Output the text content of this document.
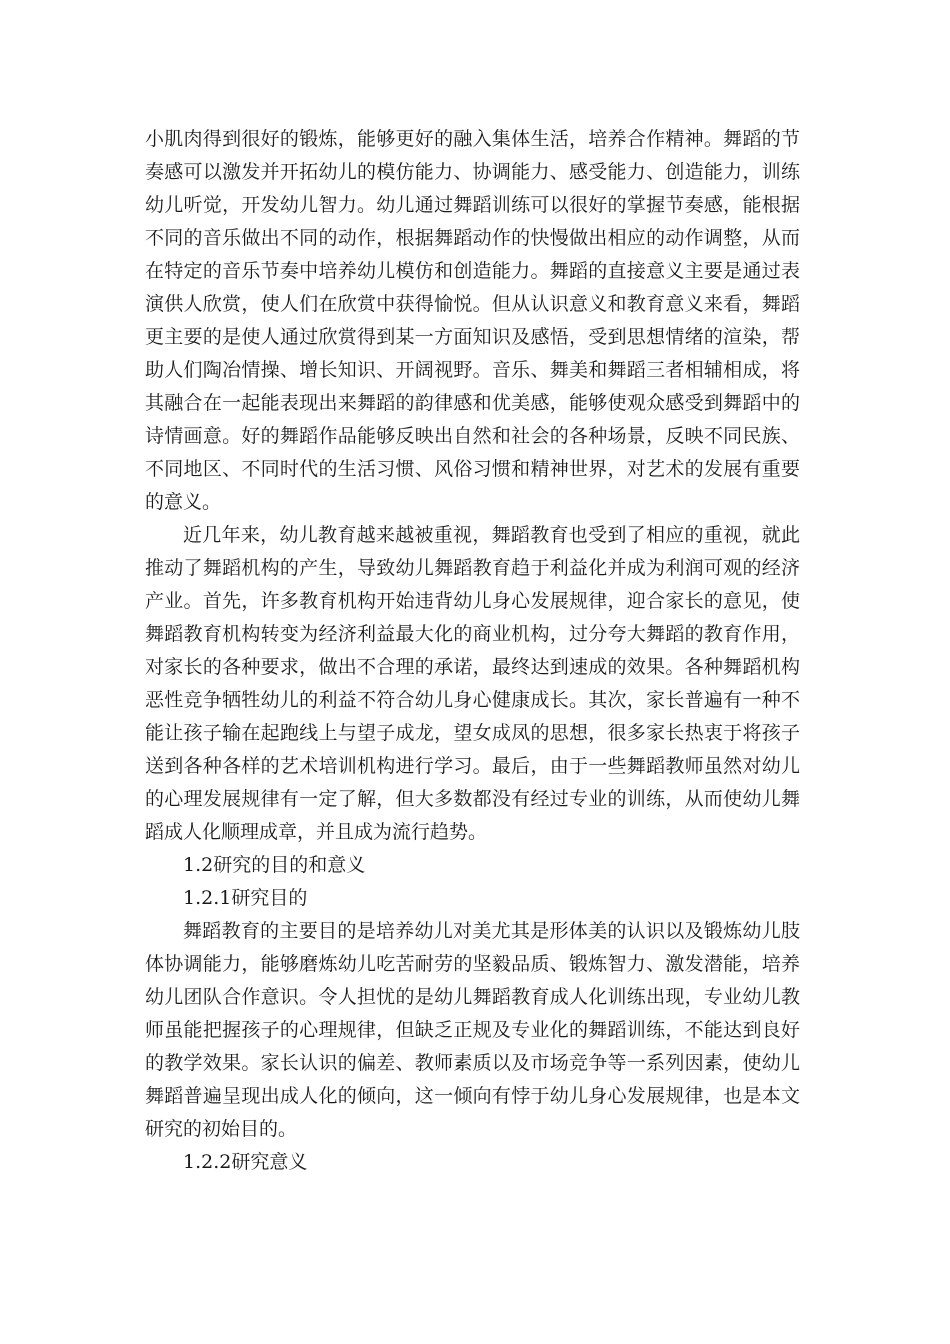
小肌肉得到很好的锻炼，能够更好的融入集体生活，培养合作精神。舞蹈的节奏感可以激发并开拓幼儿的模仿能力、协调能力、感受能力、创造能力，训练幼儿听觉，开发幼儿智力。幼儿通过舞蹈训练可以很好的掌握节奏感，能根据不同的音乐做出不同的动作，根据舞蹈动作的快慢做出相应的动作调整，从而在特定的音乐节奏中培养幼儿模仿和创造能力。舞蹈的直接意义主要是通过表演供人欣赏，使人们在欣赏中获得愉悦。但从认识意义和教育意义来看，舞蹈更主要的是使人通过欣赏得到某一方面知识及感悟，受到思想情绪的渲染，帮助人们陶冶情操、增长知识、开阔视野。音乐、舞美和舞蹈三者相辅相成，将其融合在一起能表现出来舞蹈的韵律感和优美感，能够使观众感受到舞蹈中的诗情画意。好的舞蹈作品能够反映出自然和社会的各种场景，反映不同民族、不同地区、不同时代的生活习惯、风俗习惯和精神世界，对艺术的发展有重要的意义。

近几年来，幼儿教育越来越被重视，舞蹈教育也受到了相应的重视，就此推动了舞蹈机构的产生，导致幼儿舞蹈教育趋于利益化并成为利润可观的经济产业。首先，许多教育机构开始违背幼儿身心发展规律，迎合家长的意见，使舞蹈教育机构转变为经济利益最大化的商业机构，过分夸大舞蹈的教育作用，对家长的各种要求，做出不合理的承诺，最终达到速成的效果。各种舞蹈机构恶性竞争牺牲幼儿的利益不符合幼儿身心健康成长。其次，家长普遍有一种不能让孩子输在起跑线上与望子成龙，望女成凤的思想，很多家长热衷于将孩子送到各种各样的艺术培训机构进行学习。最后，由于一些舞蹈教师虽然对幼儿的心理发展规律有一定了解，但大多数都没有经过专业的训练，从而使幼儿舞蹈成人化顺理成章，并且成为流行趋势。

1.2研究的目的和意义

1.2.1研究目的

舞蹈教育的主要目的是培养幼儿对美尤其是形体美的认识以及锻炼幼儿肢体协调能力，能够磨炼幼儿吃苦耐劳的坚毅品质、锻炼智力、激发潜能，培养幼儿团队合作意识。令人担忧的是幼儿舞蹈教育成人化训练出现，专业幼儿教师虽能把握孩子的心理规律，但缺乏正规及专业化的舞蹈训练，不能达到良好的教学效果。家长认识的偏差、教师素质以及市场竞争等一系列因素，使幼儿舞蹈普遍呈现出成人化的倾向，这一倾向有悖于幼儿身心发展规律，也是本文研究的初始目的。

1.2.2研究意义
